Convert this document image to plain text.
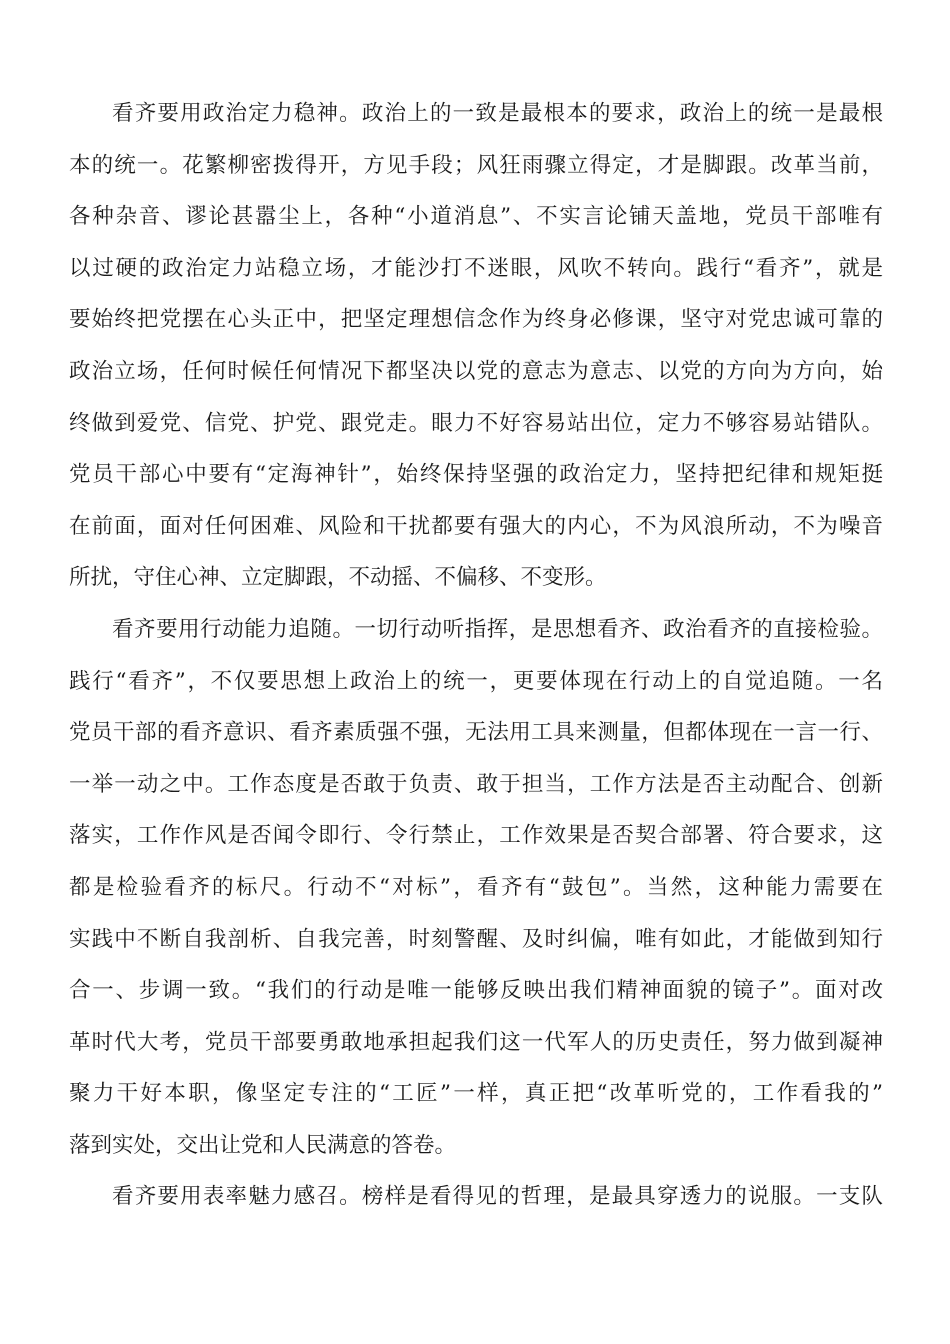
看齐要用政治定力稳神。政治上的一致是最根本的要求，政治上的统一是最根
本的统一。花繁柳密拨得开，方见手段；风狂雨骤立得定，才是脚跟。改革当前，
各种杂音、谬论甚嚣尘上，各种“小道消息”、不实言论铺天盖地，党员干部唯有
以过硬的政治定力站稳立场，才能沙打不迷眼，风吹不转向。践行“看齐”，就是
要始终把党摆在心头正中，把坚定理想信念作为终身必修课，坚守对党忠诚可靠的
政治立场，任何时候任何情况下都坚决以党的意志为意志、以党的方向为方向，始
终做到爱党、信党、护党、跟党走。眼力不好容易站出位，定力不够容易站错队。
党员干部心中要有“定海神针”，始终保持坚强的政治定力，坚持把纪律和规矩挺
在前面，面对任何困难、风险和干扰都要有强大的内心，不为风浪所动，不为噪音
所扰，守住心神、立定脚跟，不动摇、不偏移、不变形。
看齐要用行动能力追随。一切行动听指挥，是思想看齐、政治看齐的直接检验。
践行“看齐”，不仅要思想上政治上的统一，更要体现在行动上的自觉追随。一名
党员干部的看齐意识、看齐素质强不强，无法用工具来测量，但都体现在一言一行、
一举一动之中。工作态度是否敢于负责、敢于担当，工作方法是否主动配合、创新
落实，工作作风是否闻令即行、令行禁止，工作效果是否契合部署、符合要求，这
都是检验看齐的标尺。行动不“对标”，看齐有“鼓包”。当然，这种能力需要在
实践中不断自我剖析、自我完善，时刻警醒、及时纠偏，唯有如此，才能做到知行
合一、步调一致。“我们的行动是唯一能够反映出我们精神面貌的镜子”。面对改
革时代大考，党员干部要勇敢地承担起我们这一代军人的历史责任，努力做到凝神
聚力干好本职，像坚定专注的“工匠”一样，真正把“改革听党的，工作看我的”
落到实处，交出让党和人民满意的答卷。
看齐要用表率魅力感召。榜样是看得见的哲理，是最具穿透力的说服。一支队
